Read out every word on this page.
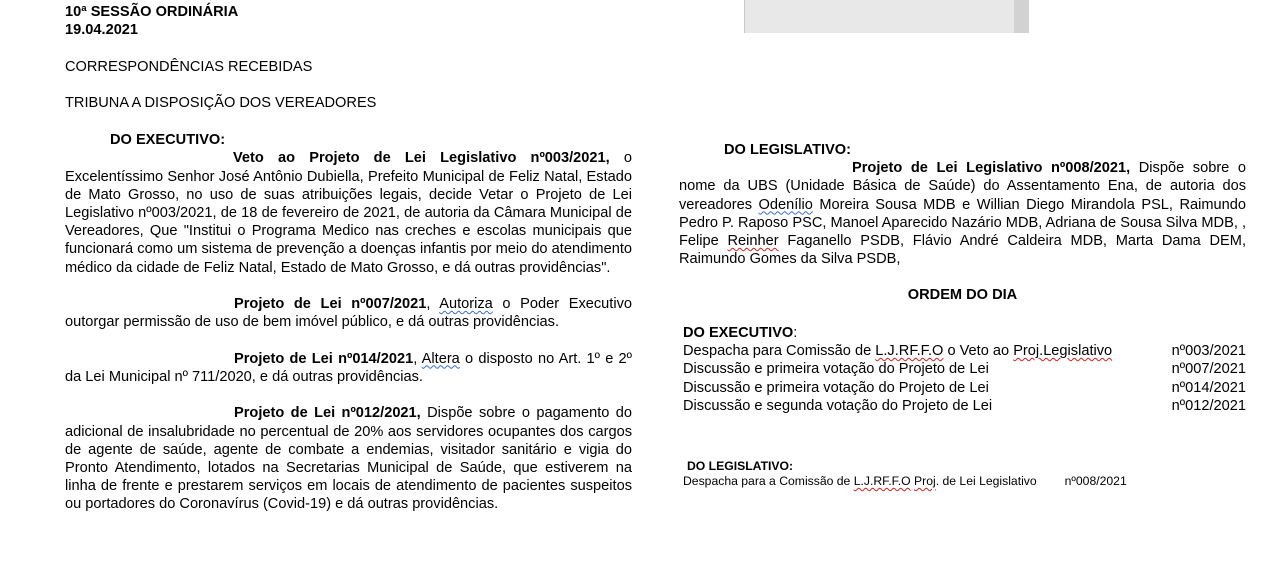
10ª SESSÃO ORDINÁRIA
19.04.2021

CORRESPONDÊNCIAS RECEBIDAS

TRIBUNA A DISPOSIÇÃO DOS VEREADORES

DO EXECUTIVO:

Veto ao Projeto de Lei Legislativo nº003/2021, o Excelentíssimo Senhor José Antônio Dubiella, Prefeito Municipal de Feliz Natal, Estado de Mato Grosso, no uso de suas atribuições legais, decide Vetar o Projeto de Lei Legislativo nº003/2021, de 18 de fevereiro de 2021, de autoria da Câmara Municipal de Vereadores, Que "Institui o Programa Medico nas creches e escolas municipais que funcionará como um sistema de prevenção a doenças infantis por meio do atendimento médico da cidade de Feliz Natal, Estado de Mato Grosso, e dá outras providências".

Projeto de Lei nº007/2021, Autoriza o Poder Executivo outorgar permissão de uso de bem imóvel público, e dá outras providências.

Projeto de Lei nº014/2021, Altera o disposto no Art. 1º e 2º da Lei Municipal nº 711/2020, e dá outras providências.

Projeto de Lei nº012/2021, Dispõe sobre o pagamento do adicional de insalubridade no percentual de 20% aos servidores ocupantes dos cargos de agente de saúde, agente de combate a endemias, visitador sanitário e vigia do Pronto Atendimento, lotados na Secretarias Municipal de Saúde, que estiverem na linha de frente e prestarem serviços em locais de atendimento de pacientes suspeitos ou portadores do Coronavírus (Covid-19) e dá outras providências.

DO LEGISLATIVO:

Projeto de Lei Legislativo nº008/2021, Dispõe sobre o nome da UBS (Unidade Básica de Saúde) do Assentamento Ena, de autoria dos vereadores Odenílio Moreira Sousa MDB e Willian Diego Mirandola PSL, Raimundo Pedro P. Raposo PSC, Manoel Aparecido Nazário MDB, Adriana de Sousa Silva MDB, , Felipe Reinher Faganello PSDB, Flávio André Caldeira MDB, Marta Dama DEM, Raimundo Gomes da Silva PSDB,

ORDEM DO DIA

DO EXECUTIVO:

Despacha para Comissão de L.J.RF.F.O o Veto ao Proj.Legislativo	nº003/2021
Discussão e primeira votação do Projeto de Lei	nº007/2021
Discussão e primeira votação do Projeto de Lei	nº014/2021
Discussão e segunda votação do Projeto de Lei	nº012/2021

DO LEGISLATIVO:

Despacha para a Comissão de L.J.RF.F.O Proj. de Lei Legislativo nº008/2021
